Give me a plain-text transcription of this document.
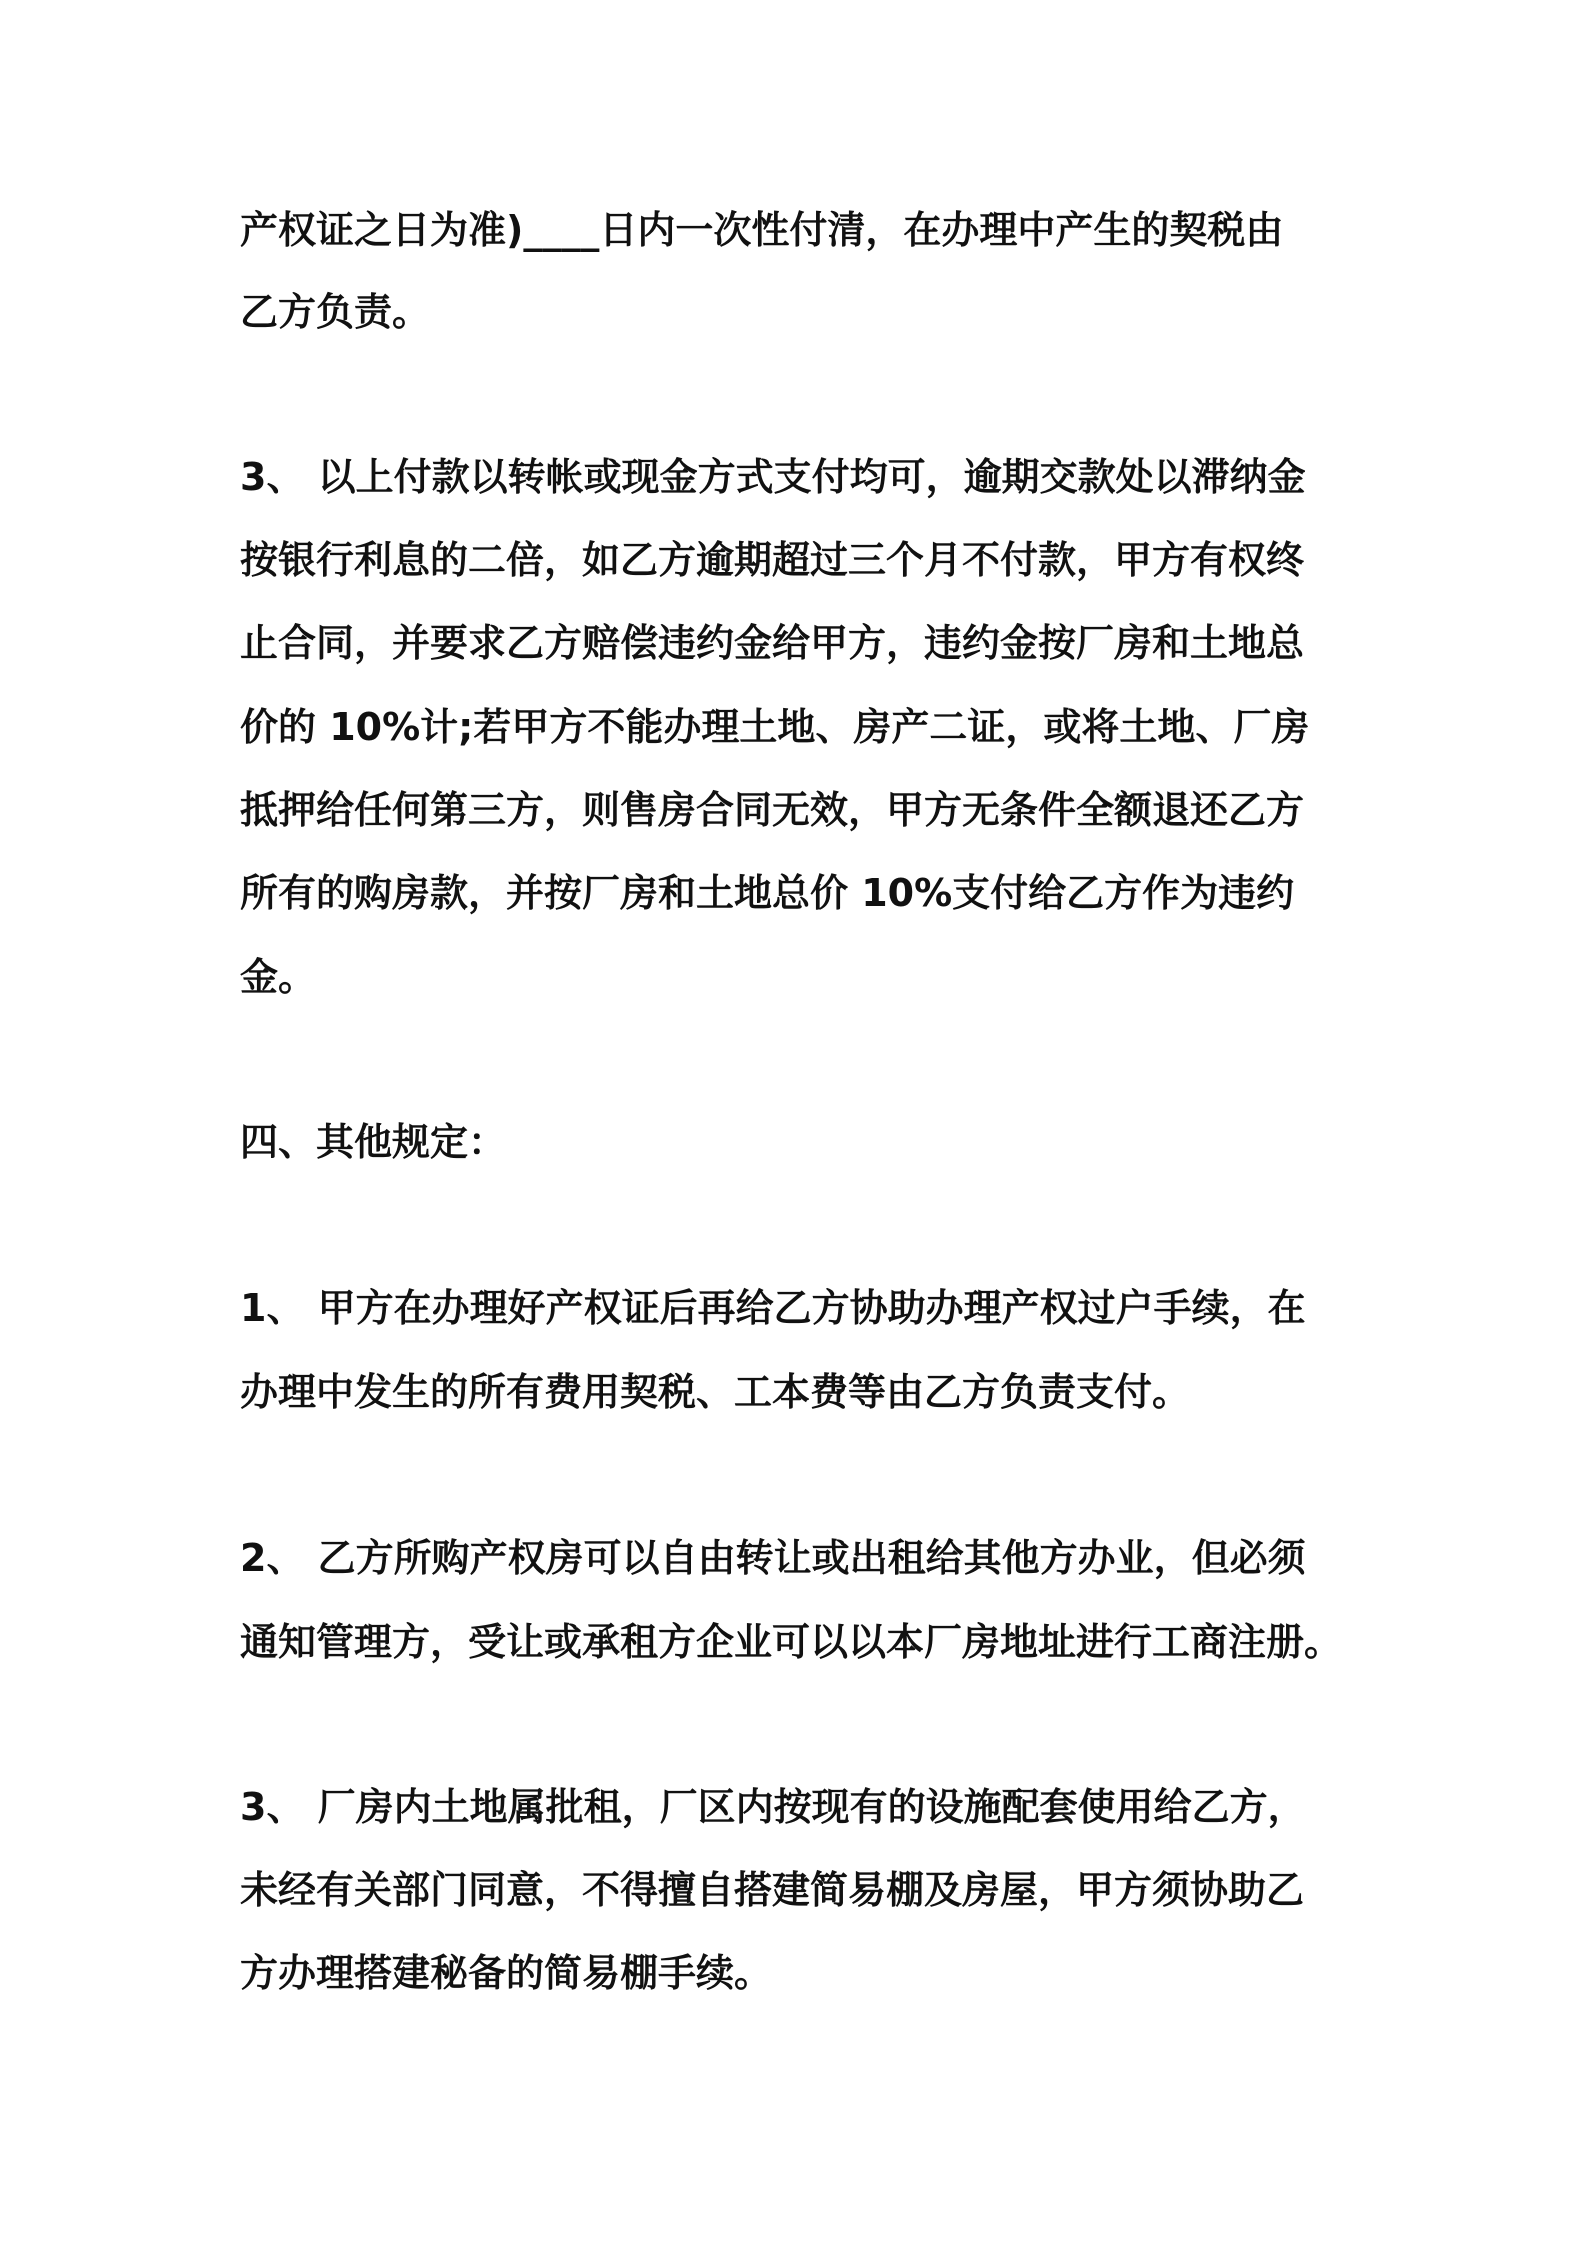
产权证之日为准)____日内一次性付清，在办理中产生的契税由
乙方负责。
3、 以上付款以转帐或现金方式支付均可，逾期交款处以滞纳金
按银行利息的二倍，如乙方逾期超过三个月不付款，甲方有权终
止合同，并要求乙方赔偿违约金给甲方，违约金按厂房和土地总
价的 10%计;若甲方不能办理土地、房产二证，或将土地、厂房
抵押给任何第三方，则售房合同无效，甲方无条件全额退还乙方
所有的购房款，并按厂房和土地总价 10%支付给乙方作为违约
金。
四、其他规定：
1、 甲方在办理好产权证后再给乙方协助办理产权过户手续，在
办理中发生的所有费用契税、工本费等由乙方负责支付。
2、 乙方所购产权房可以自由转让或出租给其他方办业，但必须
通知管理方，受让或承租方企业可以以本厂房地址进行工商注册。
3、 厂房内土地属批租，厂区内按现有的设施配套使用给乙方，
未经有关部门同意，不得擅自搭建简易棚及房屋，甲方须协助乙
方办理搭建秘备的简易棚手续。
